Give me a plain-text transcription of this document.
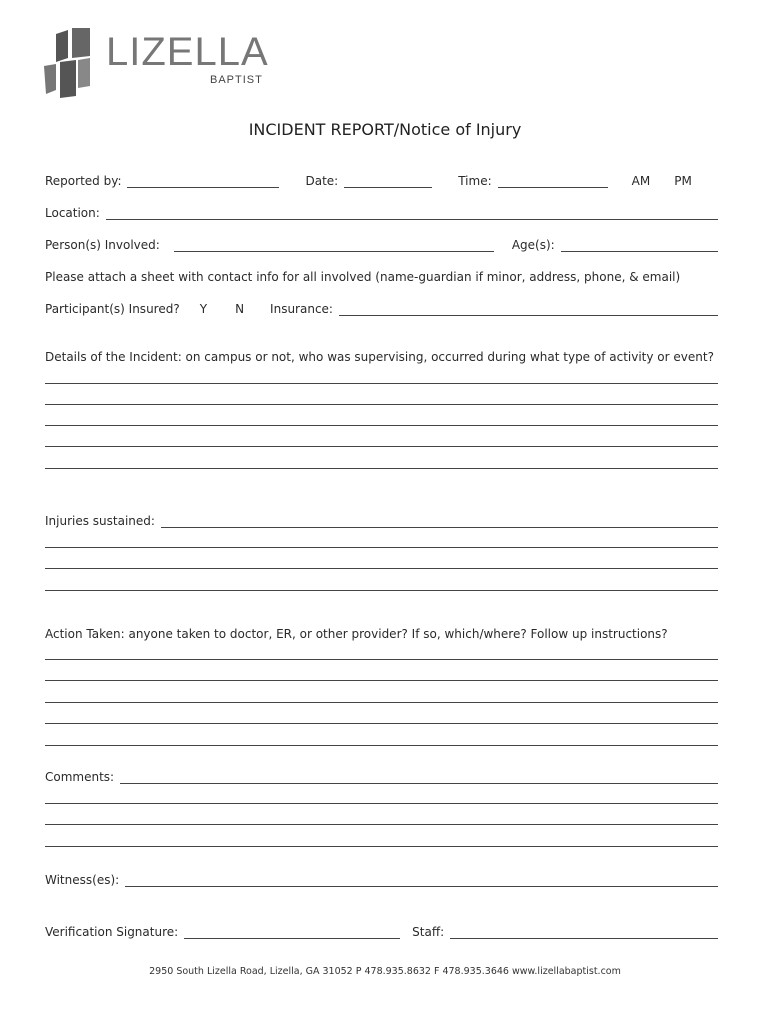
LIZELLA
BAPTIST
INCIDENT REPORT/Notice of Injury
Reported by:	Date:	Time:	AM PM
Location:
Person(s) Involved:	Age(s):
Please attach a sheet with contact info for all involved (name-guardian if minor, address, phone, & email)
Participant(s) Insured? Y N Insurance:
Details of the Incident: on campus or not, who was supervising, occurred during what type of activity or event?
Injuries sustained:
Action Taken: anyone taken to doctor, ER, or other provider? If so, which/where? Follow up instructions?
Comments:
Witness(es):
Verification Signature:	Staff:
2950 South Lizella Road, Lizella, GA 31052 P 478.935.8632 F 478.935.3646 www.lizellabaptist.com
